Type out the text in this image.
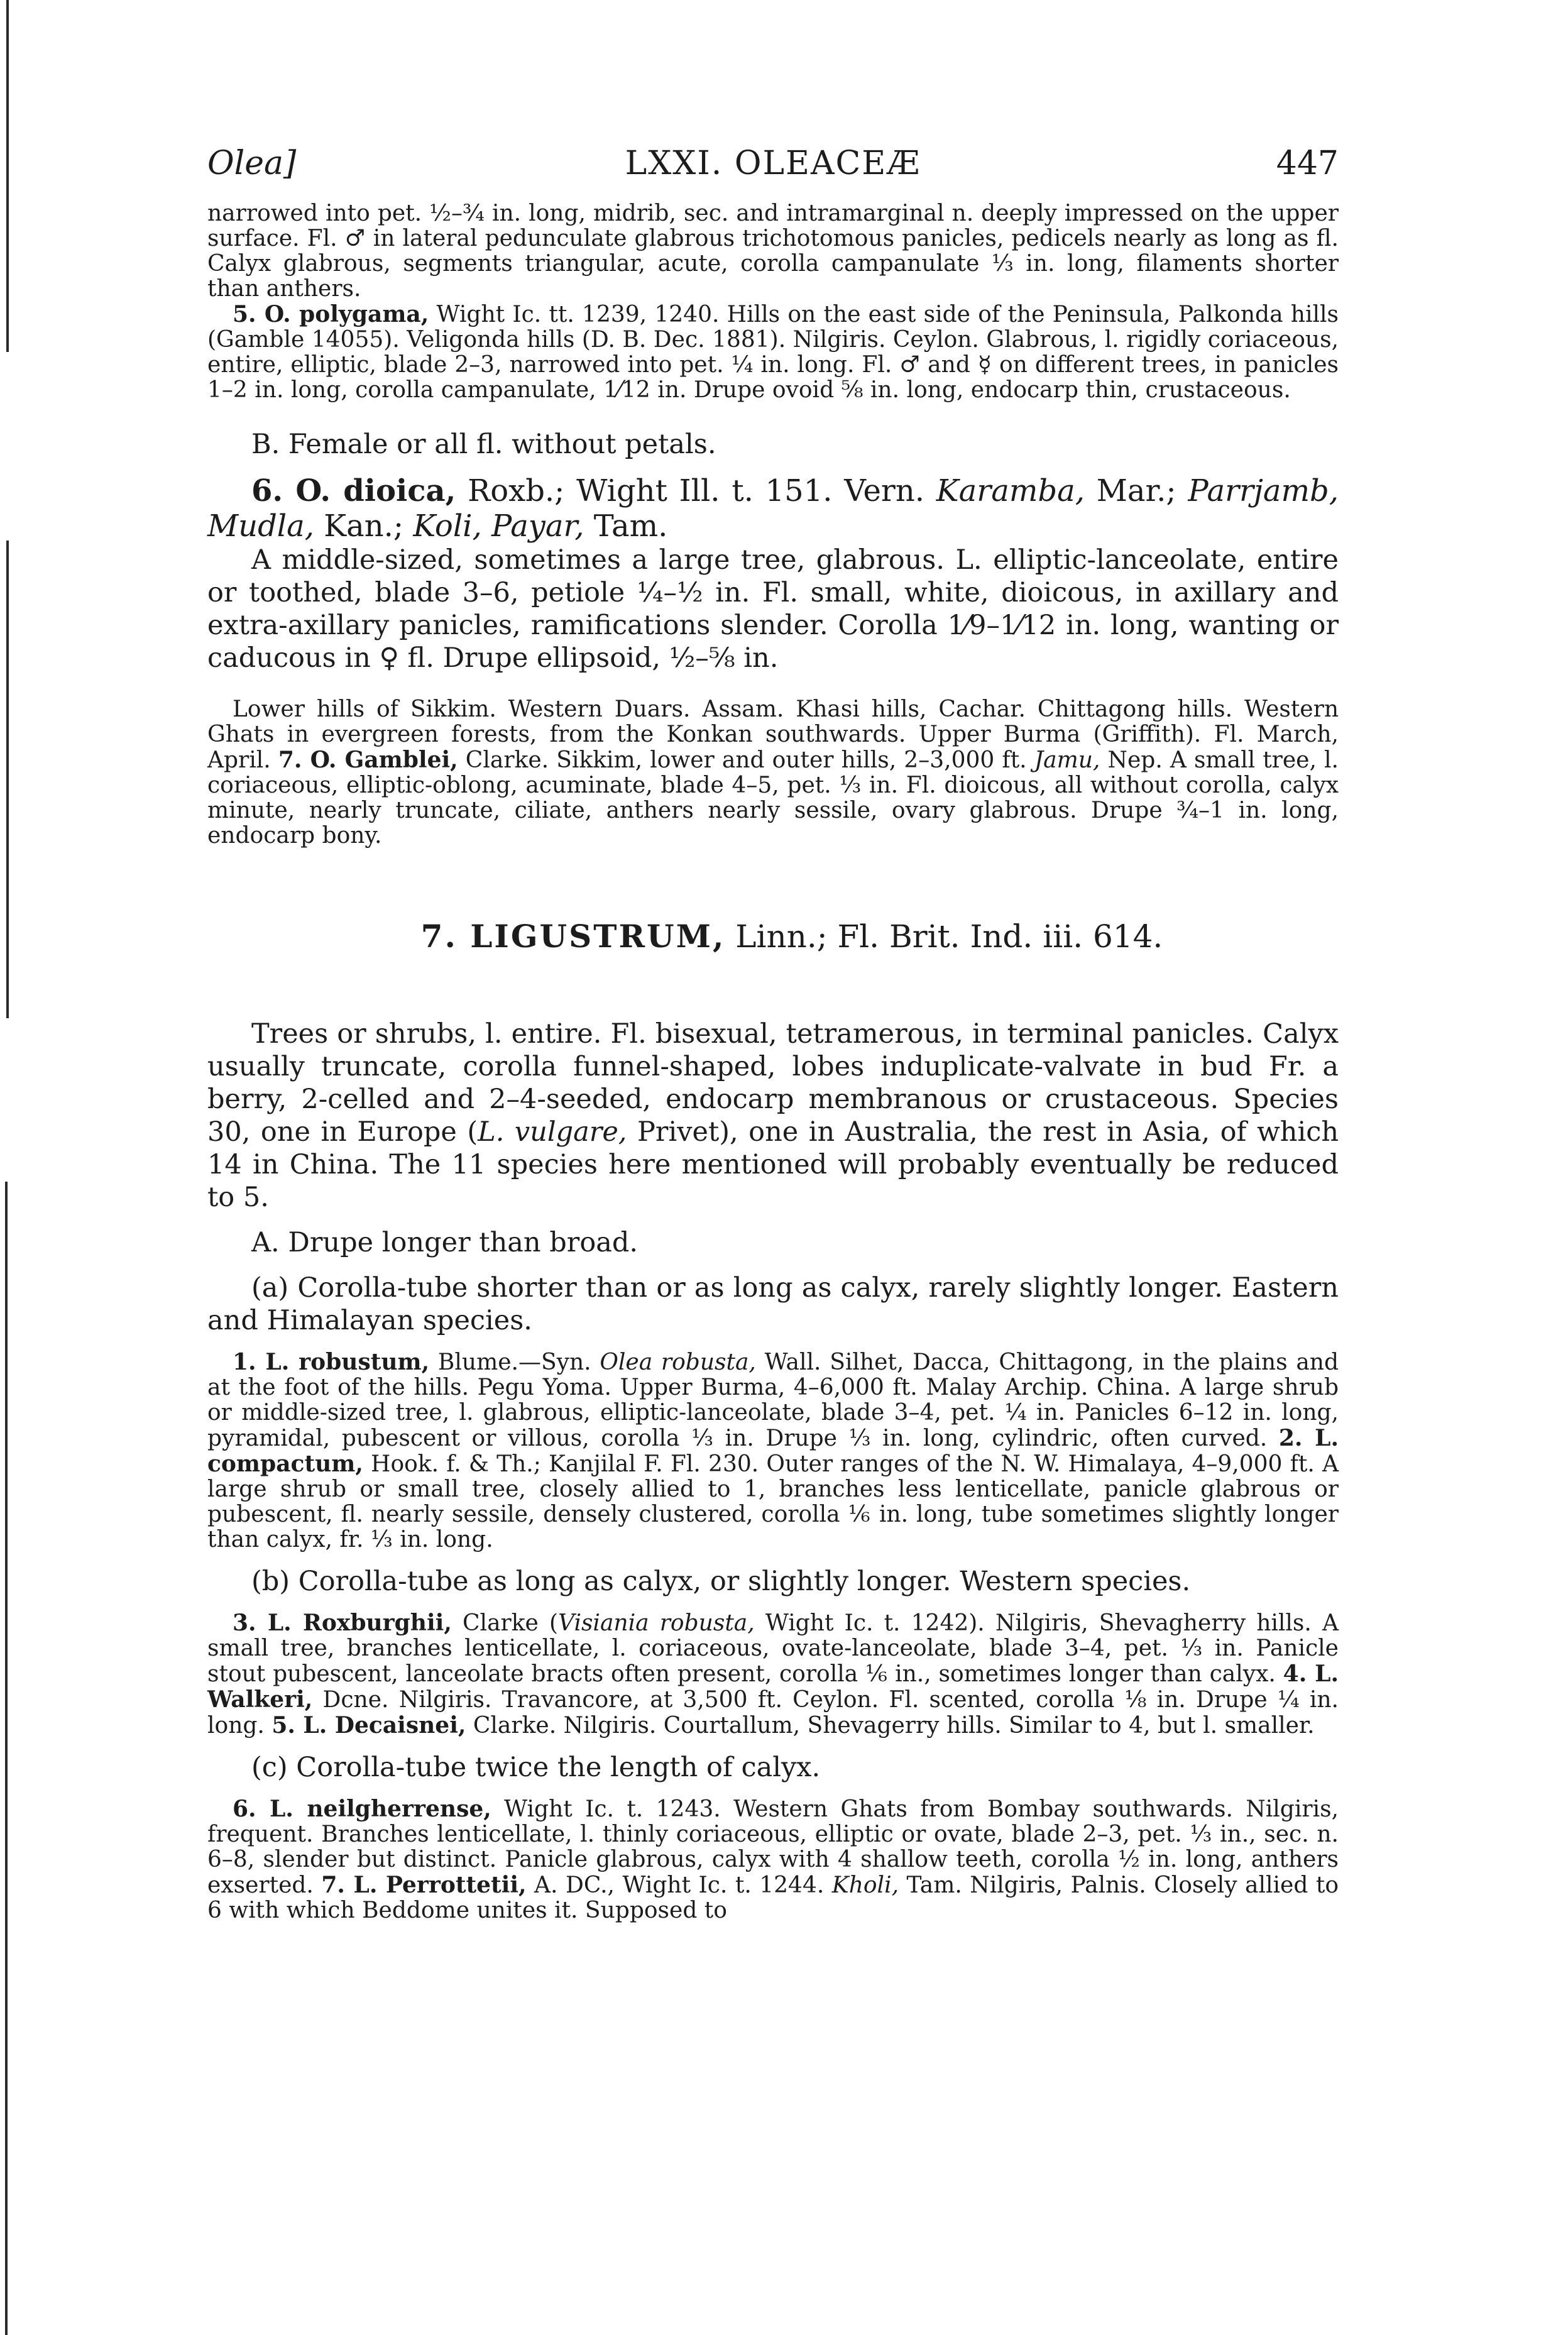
Olea]	LXXI. OLEACEÆ	447

narrowed into pet. ½–¾ in. long, midrib, sec. and intramarginal n. deeply impressed on the upper surface. Fl. ♂ in lateral pedunculate glabrous trichotomous panicles, pedicels nearly as long as fl. Calyx glabrous, segments triangular, acute, corolla campanulate ⅓ in. long, filaments shorter than anthers.

5. O. polygama, Wight Ic. tt. 1239, 1240. Hills on the east side of the Peninsula, Palkonda hills (Gamble 14055). Veligonda hills (D. B. Dec. 1881). Nilgiris. Ceylon. Glabrous, l. rigidly coriaceous, entire, elliptic, blade 2–3, narrowed into pet. ¼ in. long. Fl. ♂ and ☿ on different trees, in panicles 1–2 in. long, corolla campanulate, 1⁄12 in. Drupe ovoid ⅝ in. long, endocarp thin, crustaceous.

B. Female or all fl. without petals.

6. O. dioica, Roxb.; Wight Ill. t. 151. Vern. Karamba, Mar.; Parrjamb, Mudla, Kan.; Koli, Payar, Tam.

A middle-sized, sometimes a large tree, glabrous. L. elliptic-lanceolate, entire or toothed, blade 3–6, petiole ¼–½ in. Fl. small, white, dioicous, in axillary and extra-axillary panicles, ramifications slender. Corolla 1⁄9–1⁄12 in. long, wanting or caducous in ♀ fl. Drupe ellipsoid, ½–⅝ in.

Lower hills of Sikkim. Western Duars. Assam. Khasi hills, Cachar. Chittagong hills. Western Ghats in evergreen forests, from the Konkan southwards. Upper Burma (Griffith). Fl. March, April. 7. O. Gamblei, Clarke. Sikkim, lower and outer hills, 2–3,000 ft. Jamu, Nep. A small tree, l. coriaceous, elliptic-oblong, acuminate, blade 4–5, pet. ⅓ in. Fl. dioicous, all without corolla, calyx minute, nearly truncate, ciliate, anthers nearly sessile, ovary glabrous. Drupe ¾–1 in. long, endocarp bony.

7. LIGUSTRUM, Linn.; Fl. Brit. Ind. iii. 614.

Trees or shrubs, l. entire. Fl. bisexual, tetramerous, in terminal panicles. Calyx usually truncate, corolla funnel-shaped, lobes induplicate-valvate in bud Fr. a berry, 2-celled and 2–4-seeded, endocarp membranous or crustaceous. Species 30, one in Europe (L. vulgare, Privet), one in Australia, the rest in Asia, of which 14 in China. The 11 species here mentioned will probably eventually be reduced to 5.

A. Drupe longer than broad.

(a) Corolla-tube shorter than or as long as calyx, rarely slightly longer. Eastern and Himalayan species.

1. L. robustum, Blume.—Syn. Olea robusta, Wall. Silhet, Dacca, Chittagong, in the plains and at the foot of the hills. Pegu Yoma. Upper Burma, 4–6,000 ft. Malay Archip. China. A large shrub or middle-sized tree, l. glabrous, elliptic-lanceolate, blade 3–4, pet. ¼ in. Panicles 6–12 in. long, pyramidal, pubescent or villous, corolla ⅓ in. Drupe ⅓ in. long, cylindric, often curved. 2. L. compactum, Hook. f. & Th.; Kanjilal F. Fl. 230. Outer ranges of the N. W. Himalaya, 4–9,000 ft. A large shrub or small tree, closely allied to 1, branches less lenticellate, panicle glabrous or pubescent, fl. nearly sessile, densely clustered, corolla ⅙ in. long, tube sometimes slightly longer than calyx, fr. ⅓ in. long.

(b) Corolla-tube as long as calyx, or slightly longer. Western species.

3. L. Roxburghii, Clarke (Visiania robusta, Wight Ic. t. 1242). Nilgiris, Shevagherry hills. A small tree, branches lenticellate, l. coriaceous, ovate-lanceolate, blade 3–4, pet. ⅓ in. Panicle stout pubescent, lanceolate bracts often present, corolla ⅙ in., sometimes longer than calyx. 4. L. Walkeri, Dcne. Nilgiris. Travancore, at 3,500 ft. Ceylon. Fl. scented, corolla ⅛ in. Drupe ¼ in. long. 5. L. Decaisnei, Clarke. Nilgiris. Courtallum, Shevagerry hills. Similar to 4, but l. smaller.

(c) Corolla-tube twice the length of calyx.

6. L. neilgherrense, Wight Ic. t. 1243. Western Ghats from Bombay southwards. Nilgiris, frequent. Branches lenticellate, l. thinly coriaceous, elliptic or ovate, blade 2–3, pet. ⅓ in., sec. n. 6–8, slender but distinct. Panicle glabrous, calyx with 4 shallow teeth, corolla ½ in. long, anthers exserted. 7. L. Perrottetii, A. DC., Wight Ic. t. 1244. Kholi, Tam. Nilgiris, Palnis. Closely allied to 6 with which Beddome unites it. Supposed to
